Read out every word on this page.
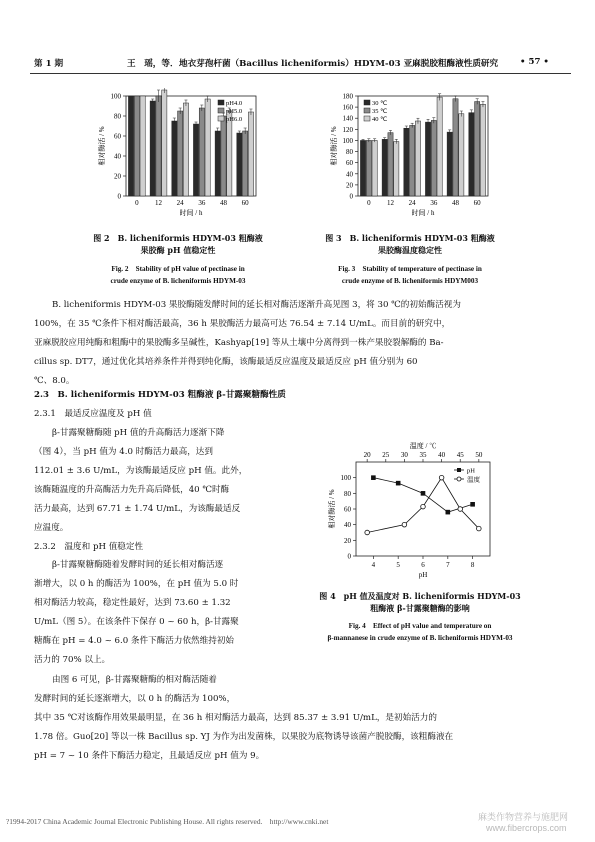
第 1 期	王　瑶，等． 地衣芽孢杆菌（Bacillus licheniformis）HDYM-03 亚麻脱胶粗酶液性质研究	• 57 •
0
20
40
60
80
100
0 12 24 36 48 60
时间 / h
相对酶活 / %
pH4.0
pH5.0
pH6.0
图 2　B. licheniformis HDYM-03 粗酶液
果胶酶 pH 值稳定性
Fig. 2　Stability of pH value of pectinase in
crude enzyme of B. licheniformis HDYM-03
0
20
40
60
80
100
120
140
160
180
0 12 24 36 48 60
时间 / h
相对酶活 / %
30 ℃
35 ℃
40 ℃
图 3　B. licheniformis HDYM-03 粗酶液
果胶酶温度稳定性
Fig. 3　Stability of temperature of pectinase in
crude enzyme of B. licheniformis HDYM003
B. licheniformis HDYM-03 果胶酶随发酵时间的延长相对酶活逐渐升高见图 3，将 30 ℃的初始酶活视为
100%，在 35 ℃条件下相对酶活最高，36 h 果胶酶活力最高可达 76.54 ± 7.14 U/mL。而目前的研究中，
亚麻脱胶应用纯酶和粗酶中的果胶酶多呈碱性，Kashyap[19] 等从土壤中分离得到一株产果胶裂解酶的 Ba-
cillus sp. DT7，通过优化其培养条件并得到纯化酶，该酶最适反应温度及最适反应 pH 值分别为 60
℃、8.0。
2.3　B. licheniformis HDYM-03 粗酶液 β-甘露聚糖酶性质
2.3.1　最适反应温度及 pH 值
β-甘露聚糖酶随 pH 值的升高酶活力逐渐下降
（图 4），当 pH 值为 4.0 时酶活力最高，达到
112.01 ± 3.6 U/mL，为该酶最适反应 pH 值。此外，
该酶随温度的升高酶活力先升高后降低，40 ℃时酶
活力最高，达到 67.71 ± 1.74 U/mL，为该酶最适反
应温度。
2.3.2　温度和 pH 值稳定性
β-甘露聚糖酶随着发酵时间的延长相对酶活逐
渐增大，以 0 h 的酶活为 100%，在 pH 值为 5.0 时
相对酶活力较高，稳定性最好，达到 73.60 ± 1.32
U/mL（图 5）。在该条件下保存 0 ~ 60 h，β-甘露聚
糖酶在 pH = 4.0 ~ 6.0 条件下酶活力依然维持初始
活力的 70% 以上。
由图 6 可见，β-甘露聚糖酶的相对酶活随着
发酵时间的延长逐渐增大，以 0 h 的酶活为 100%，
其中 35 ℃对该酶作用效果最明显，在 36 h 相对酶活力最高，达到 85.37 ± 3.91 U/mL，是初始活力的
1.78 倍。Guo[20] 等以一株 Bacillus sp. YJ 为作为出发菌株，以果胶为底物诱导该菌产脱胶酶，该粗酶液在
pH = 7 ~ 10 条件下酶活力稳定，且最适反应 pH 值为 9。
0
20
40
60
80
100
4	5	6	7	8
20 25 30 35 40 45 50
pH
温度 / ℃
相对酶活 / %
pH
温度
图 4　pH 值及温度对 B. licheniformis HDYM-03
粗酶液 β-甘露聚糖酶的影响
Fig. 4　Effect of pH value and temperature on
β-mannanese in crude enzyme of B. licheniformis HDYM-03
?1994-2017 China Academic Journal Electronic Publishing House. All rights reserved.　http://www.cnki.net	麻类作物营养与施肥网
www.fibercrops.com
